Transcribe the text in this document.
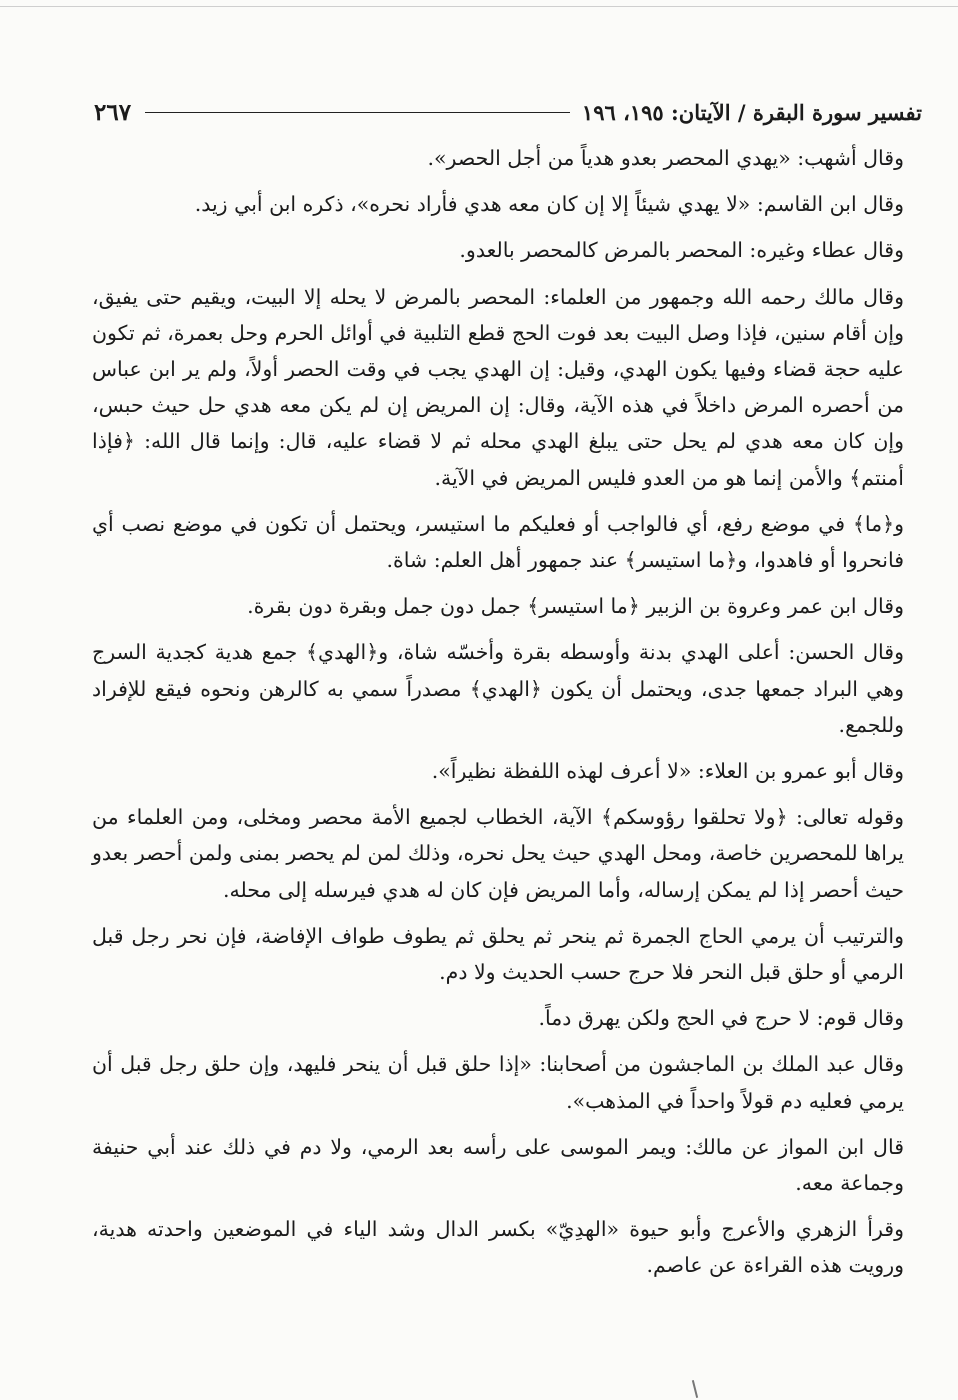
تفسير سورة البقرة / الآيتان: ١٩٥، ١٩٦
٢٦٧

وقال أشهب: «يهدي المحصر بعدو هدياً من أجل الحصر».

وقال ابن القاسم: «لا يهدي شيئاً إلا إن كان معه هدي فأراد نحره»، ذكره ابن أبي زيد.

وقال عطاء وغيره: المحصر بالمرض كالمحصر بالعدو.

وقال مالك رحمه الله وجمهور من العلماء: المحصر بالمرض لا يحله إلا البيت، ويقيم حتى يفيق، وإن أقام سنين، فإذا وصل البيت بعد فوت الحج قطع التلبية في أوائل الحرم وحل بعمرة، ثم تكون عليه حجة قضاء وفيها يكون الهدي، وقيل: إن الهدي يجب في وقت الحصر أولاً، ولم ير ابن عباس من أحصره المرض داخلاً في هذه الآية، وقال: إن المريض إن لم يكن معه هدي حل حيث حبس، وإن كان معه هدي لم يحل حتى يبلغ الهدي محله ثم لا قضاء عليه، قال: وإنما قال الله: ﴿فإذا أمنتم﴾ والأمن إنما هو من العدو فليس المريض في الآية.

و﴿ما﴾ في موضع رفع، أي فالواجب أو فعليكم ما استيسر، ويحتمل أن تكون في موضع نصب أي فانحروا أو فاهدوا، و﴿ما استيسر﴾ عند جمهور أهل العلم: شاة.

وقال ابن عمر وعروة بن الزبير ﴿ما استيسر﴾ جمل دون جمل وبقرة دون بقرة.

وقال الحسن: أعلى الهدي بدنة وأوسطه بقرة وأخسّه شاة، و﴿الهدي﴾ جمع هدية كجدية السرج وهي البراد جمعها جدى، ويحتمل أن يكون ﴿الهدي﴾ مصدراً سمي به كالرهن ونحوه فيقع للإفراد وللجمع.

وقال أبو عمرو بن العلاء: «لا أعرف لهذه اللفظة نظيراً».

وقوله تعالى: ﴿ولا تحلقوا رؤوسكم﴾ الآية، الخطاب لجميع الأمة محصر ومخلى، ومن العلماء من يراها للمحصرين خاصة، ومحل الهدي حيث يحل نحره، وذلك لمن لم يحصر بمنى ولمن أحصر بعدو حيث أحصر إذا لم يمكن إرساله، وأما المريض فإن كان له هدي فيرسله إلى محله.

والترتيب أن يرمي الحاج الجمرة ثم ينحر ثم يحلق ثم يطوف طواف الإفاضة، فإن نحر رجل قبل الرمي أو حلق قبل النحر فلا حرج حسب الحديث ولا دم.

وقال قوم: لا حرج في الحج ولكن يهرق دماً.

وقال عبد الملك بن الماجشون من أصحابنا: «إذا حلق قبل أن ينحر فليهد، وإن حلق رجل قبل أن يرمي فعليه دم قولاً واحداً في المذهب».

قال ابن المواز عن مالك: ويمر الموسى على رأسه بعد الرمي، ولا دم في ذلك عند أبي حنيفة وجماعة معه.

وقرأ الزهري والأعرج وأبو حيوة «الهدِيّ» بكسر الدال وشد الياء في الموضعين واحدته هدية، ورويت هذه القراءة عن عاصم.
